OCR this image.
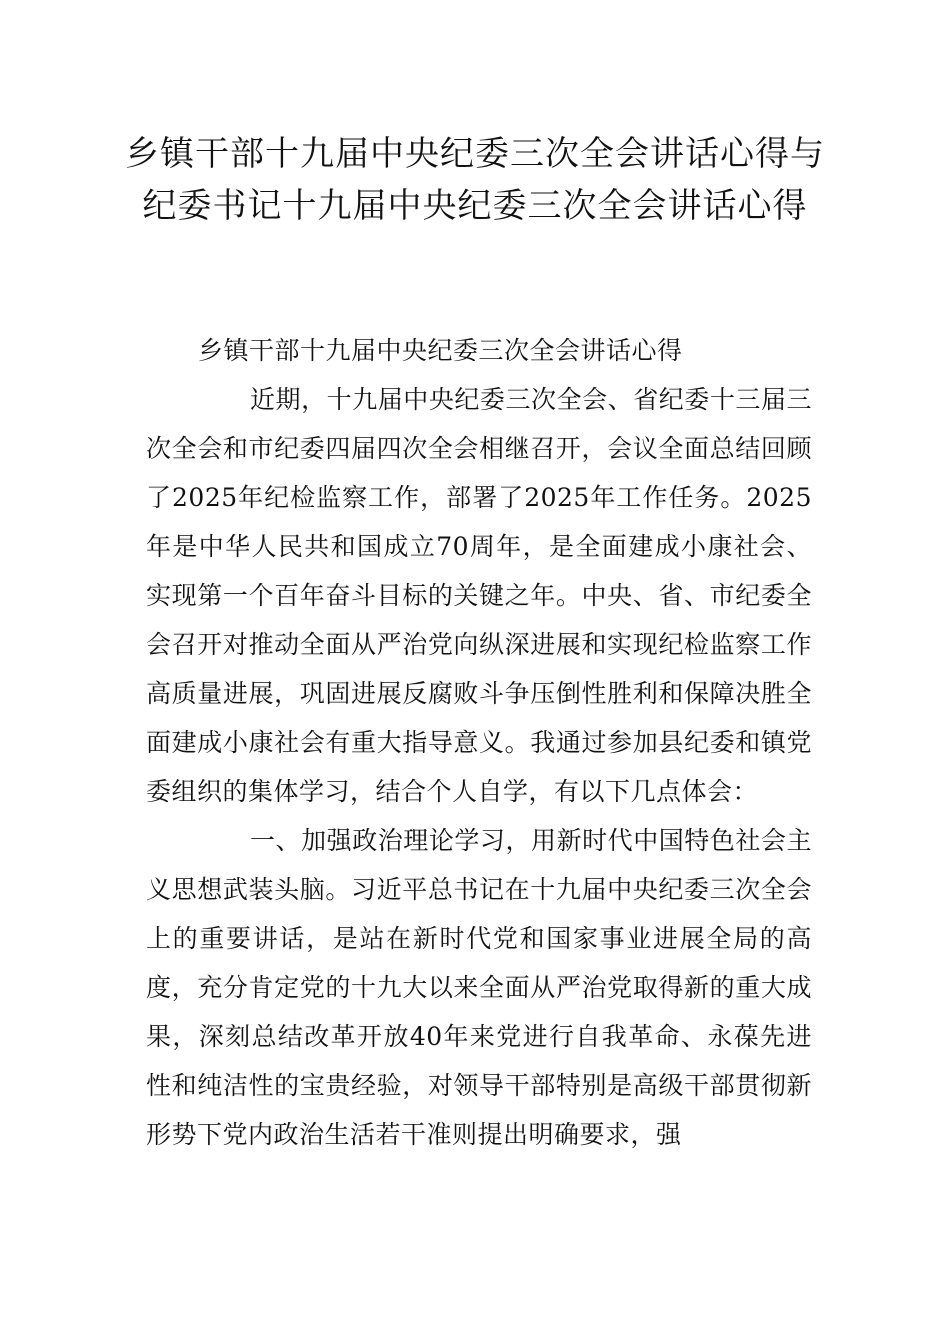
乡镇干部十九届中央纪委三次全会讲话心得与纪委书记十九届中央纪委三次全会讲话心得

乡镇干部十九届中央纪委三次全会讲话心得

近期，十九届中央纪委三次全会、省纪委十三届三次全会和市纪委四届四次全会相继召开，会议全面总结回顾了2025年纪检监察工作，部署了2025年工作任务。2025年是中华人民共和国成立70周年，是全面建成小康社会、实现第一个百年奋斗目标的关键之年。中央、省、市纪委全会召开对推动全面从严治党向纵深进展和实现纪检监察工作高质量进展，巩固进展反腐败斗争压倒性胜利和保障决胜全面建成小康社会有重大指导意义。我通过参加县纪委和镇党委组织的集体学习，结合个人自学，有以下几点体会：

一、加强政治理论学习，用新时代中国特色社会主义思想武装头脑。习近平总书记在十九届中央纪委三次全会上的重要讲话，是站在新时代党和国家事业进展全局的高度，充分肯定党的十九大以来全面从严治党取得新的重大成果，深刻总结改革开放40年来党进行自我革命、永葆先进性和纯洁性的宝贵经验，对领导干部特别是高级干部贯彻新形势下党内政治生活若干准则提出明确要求，强
